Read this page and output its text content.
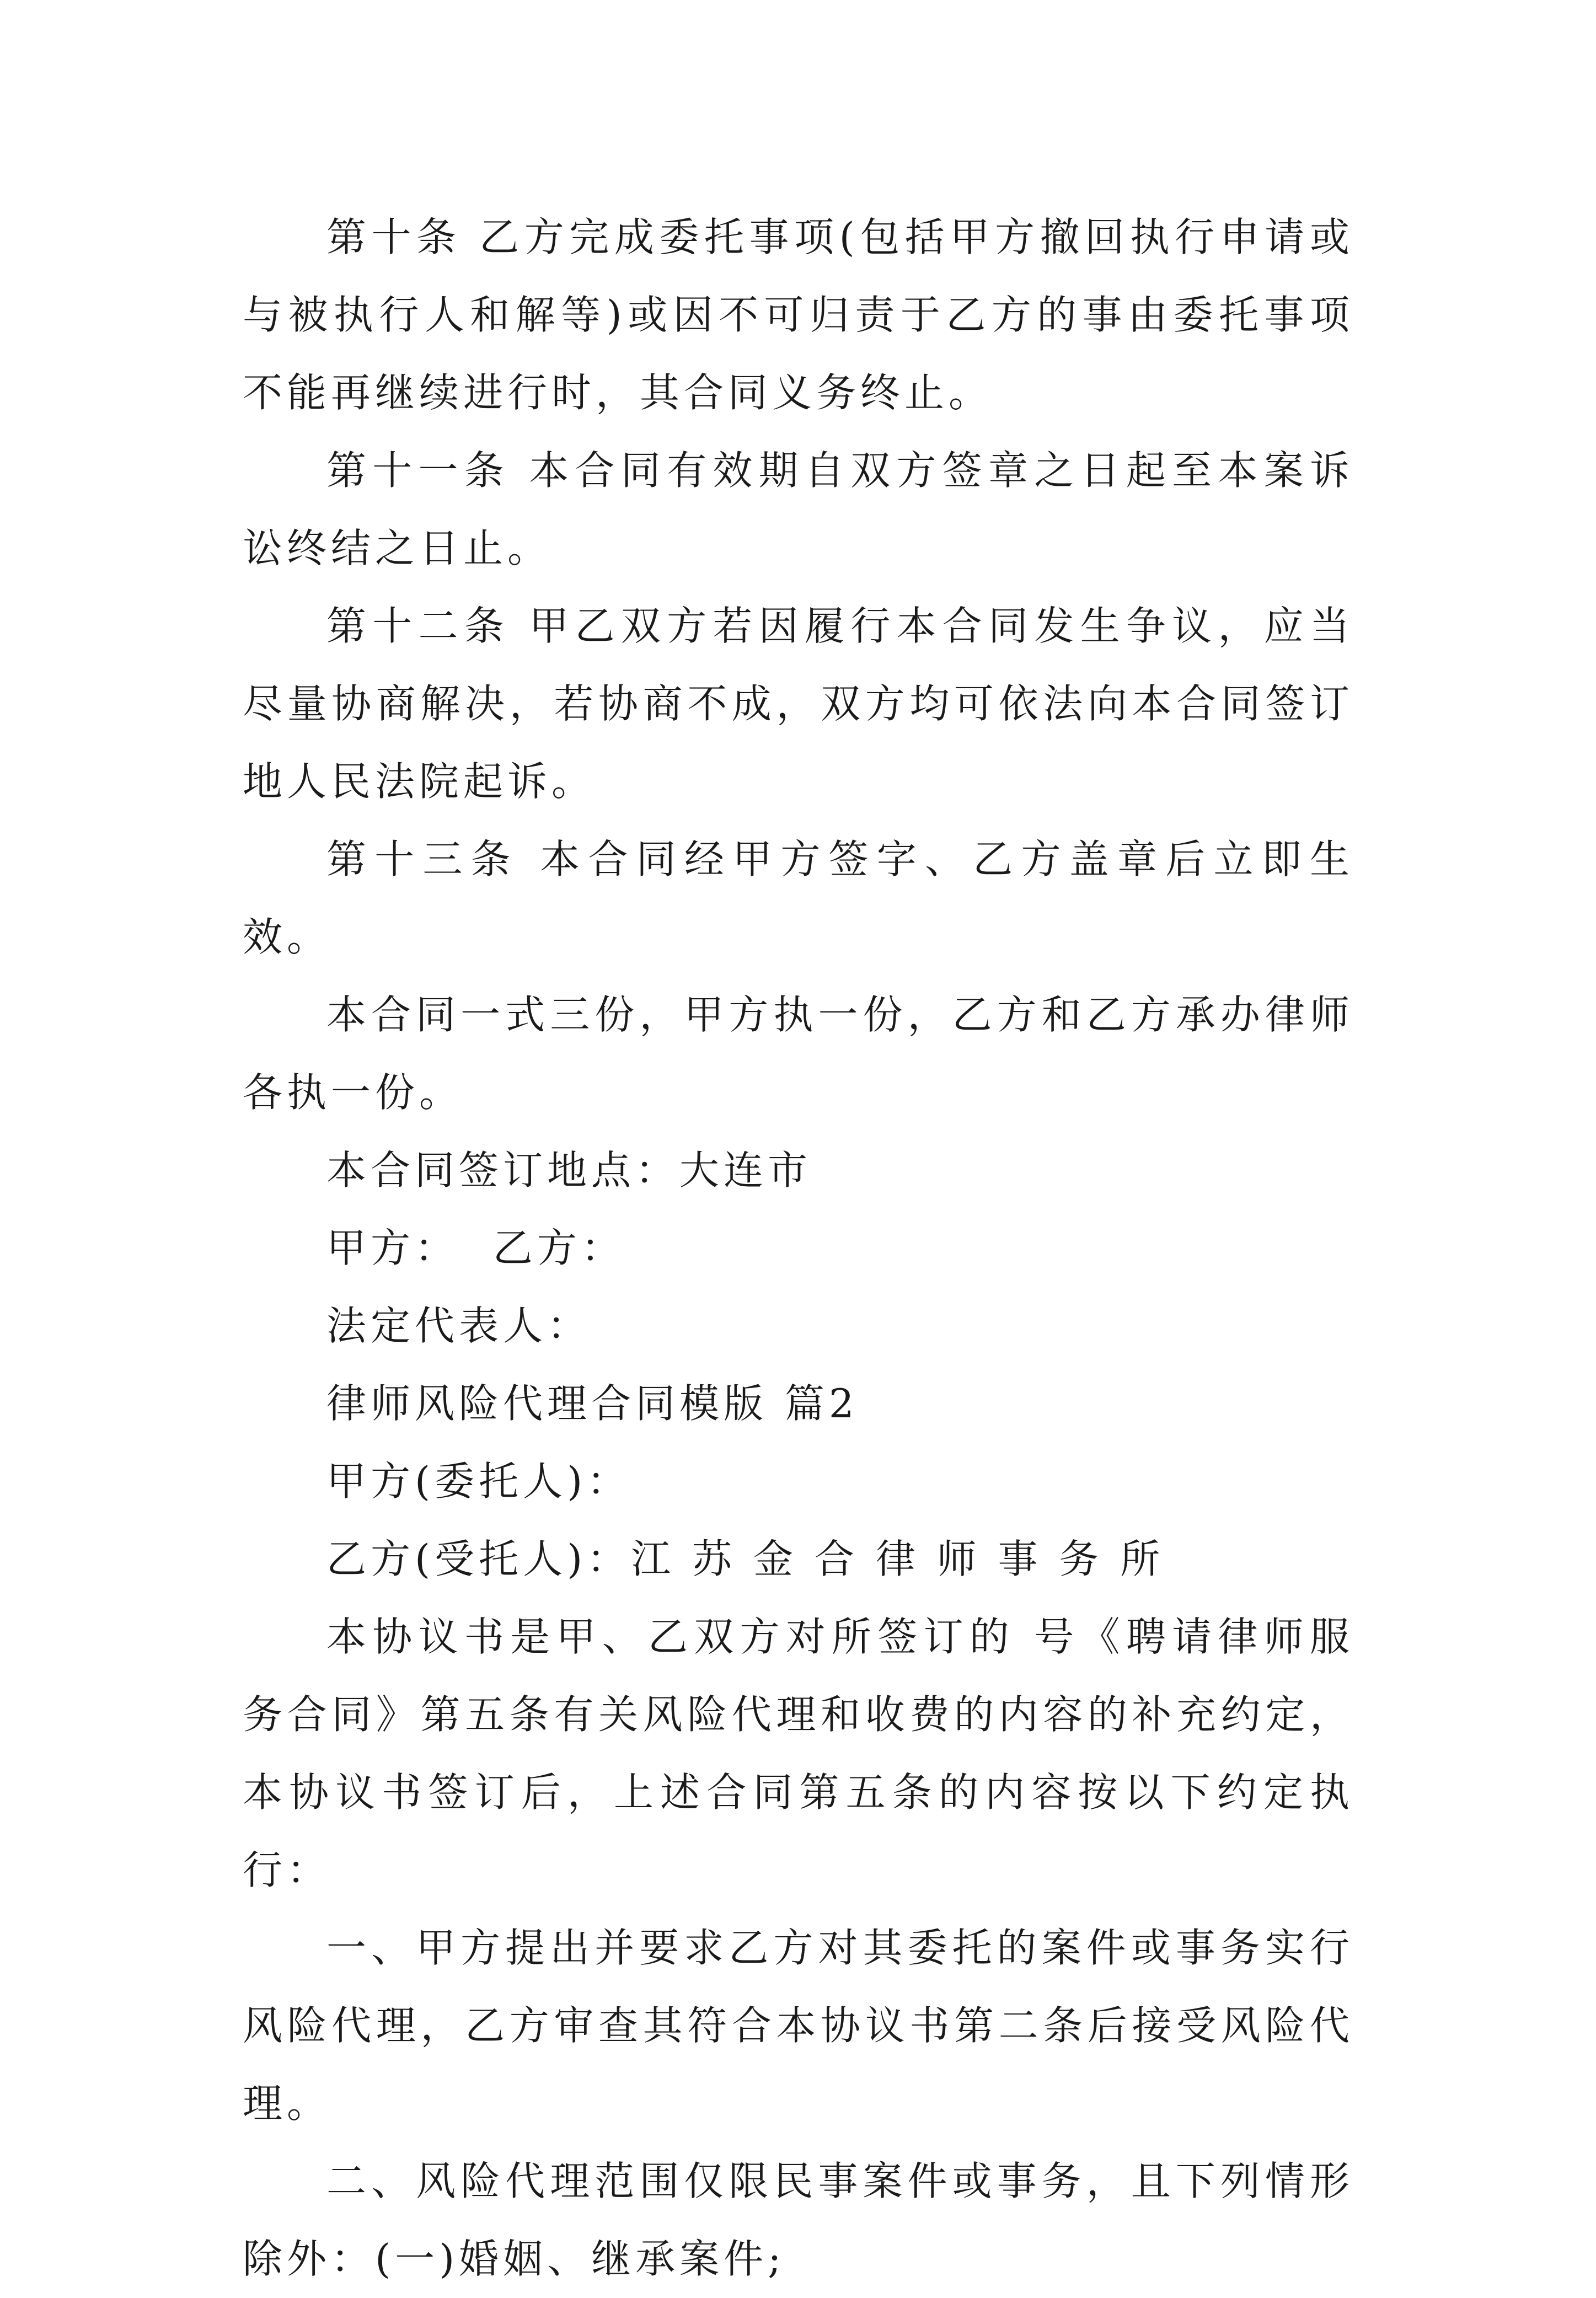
第十条 乙方完成委托事项(包括甲方撤回执行申请或与被执行人和解等)或因不可归责于乙方的事由委托事项不能再继续进行时，其合同义务终止。

第十一条 本合同有效期自双方签章之日起至本案诉讼终结之日止。

第十二条 甲乙双方若因履行本合同发生争议，应当尽量协商解决，若协商不成，双方均可依法向本合同签订地人民法院起诉。

第十三条 本合同经甲方签字、乙方盖章后立即生效。

本合同一式三份，甲方执一份，乙方和乙方承办律师各执一份。

本合同签订地点：大连市

甲方：  乙方：

法定代表人：

律师风险代理合同模版 篇2

甲方(委托人)：

乙方(受托人)：江 苏 金 合 律 师 事 务 所

本协议书是甲、乙双方对所签订的 号《聘请律师服务合同》第五条有关风险代理和收费的内容的补充约定，本协议书签订后，上述合同第五条的内容按以下约定执行：

一、甲方提出并要求乙方对其委托的案件或事务实行风险代理，乙方审查其符合本协议书第二条后接受风险代理。

二、风险代理范围仅限民事案件或事务，且下列情形除外：(一)婚姻、继承案件;
